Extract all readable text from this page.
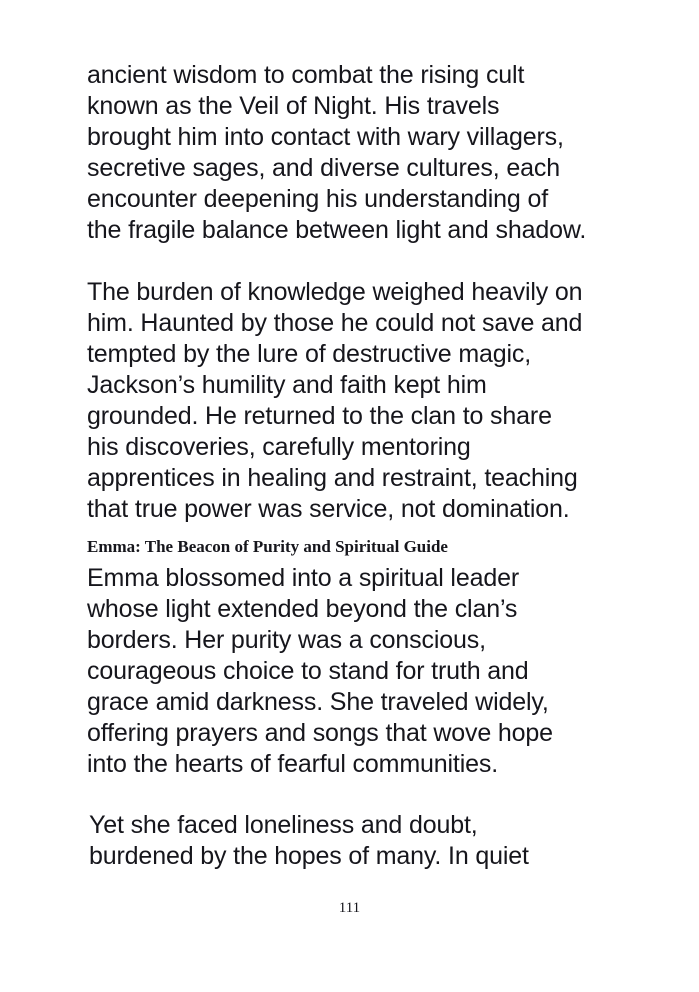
ancient wisdom to combat the rising cult
known as the Veil of Night. His travels
brought him into contact with wary villagers,
secretive sages, and diverse cultures, each
encounter deepening his understanding of
the fragile balance between light and shadow.

The burden of knowledge weighed heavily on
him. Haunted by those he could not save and
tempted by the lure of destructive magic,
Jackson’s humility and faith kept him
grounded. He returned to the clan to share
his discoveries, carefully mentoring
apprentices in healing and restraint, teaching
that true power was service, not domination.

Emma: The Beacon of Purity and Spiritual Guide

Emma blossomed into a spiritual leader
whose light extended beyond the clan’s
borders. Her purity was a conscious,
courageous choice to stand for truth and
grace amid darkness. She traveled widely,
offering prayers and songs that wove hope
into the hearts of fearful communities.

Yet she faced loneliness and doubt,
burdened by the hopes of many. In quiet

111
